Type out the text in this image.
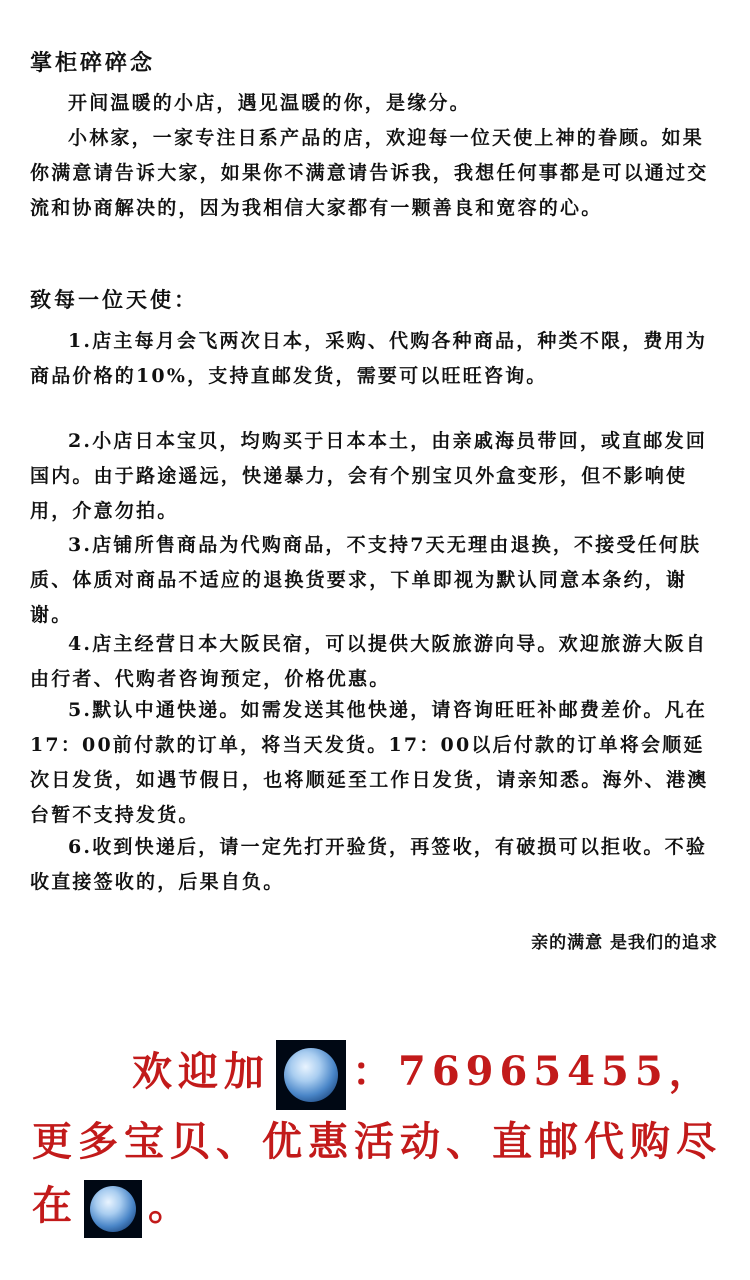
掌柜碎碎念
开间温暖的小店，遇见温暖的你，是缘分。
小林家，一家专注日系产品的店，欢迎每一位天使上神的眷顾。如果你满意请告诉大家，如果你不满意请告诉我，我想任何事都是可以通过交流和协商解决的，因为我相信大家都有一颗善良和宽容的心。
致每一位天使：
1.店主每月会飞两次日本，采购、代购各种商品，种类不限，费用为商品价格的10%，支持直邮发货，需要可以旺旺咨询。
2.小店日本宝贝，均购买于日本本土，由亲戚海员带回，或直邮发回国内。由于路途遥远，快递暴力，会有个别宝贝外盒变形，但不影响使用，介意勿拍。
3.店铺所售商品为代购商品，不支持7天无理由退换，不接受任何肤质、体质对商品不适应的退换货要求，下单即视为默认同意本条约，谢谢。
4.店主经营日本大阪民宿，可以提供大阪旅游向导。欢迎旅游大阪自由行者、代购者咨询预定，价格优惠。
5.默认中通快递。如需发送其他快递，请咨询旺旺补邮费差价。凡在17：00前付款的订单，将当天发货。17：00以后付款的订单将会顺延次日发货，如遇节假日，也将顺延至工作日发货，请亲知悉。海外、港澳台暂不支持发货。
6.收到快递后，请一定先打开验货，再签收，有破损可以拒收。不验收直接签收的，后果自负。
亲的满意 是我们的追求
欢迎加 ：76965455，更多宝贝、优惠活动、直邮代购尽在 。
